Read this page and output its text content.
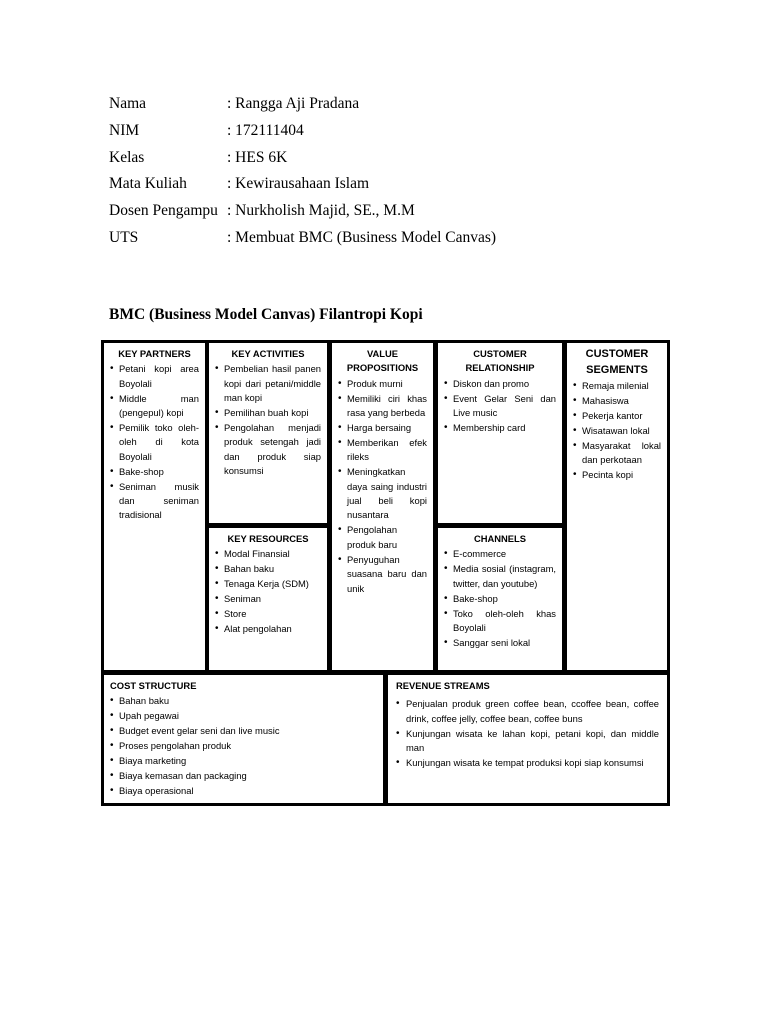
Nama	: Rangga Aji Pradana
NIM	: 172111404
Kelas	: HES 6K
Mata Kuliah	: Kewirausahaan Islam
Dosen Pengampu : Nurkholish Majid, SE., M.M
UTS	: Membuat BMC (Business Model Canvas)
BMC (Business Model Canvas) Filantropi Kopi
KEY PARTNERS
• Petani kopi area Boyolali
• Middle man (pengepul) kopi
• Pemilik toko oleh-oleh di kota Boyolali
• Bake-shop
• Seniman musik dan seniman tradisional
KEY ACTIVITIES
• Pembelian hasil panen kopi dari petani/middle man kopi
• Pemilihan buah kopi
• Pengolahan menjadi produk setengah jadi dan produk siap konsumsi
KEY RESOURCES
• Modal Finansial
• Bahan baku
• Tenaga Kerja (SDM)
• Seniman
• Store
• Alat pengolahan
VALUE
PROPOSITIONS
• Produk murni
• Memiliki ciri khas rasa yang berbeda
• Harga bersaing
• Memberikan efek rileks
• Meningkatkan daya saing industri jual beli kopi nusantara
• Pengolahan produk baru
• Penyuguhan suasana baru dan unik
CUSTOMER
RELATIONSHIP
• Diskon dan promo
• Event Gelar Seni dan Live music
• Membership card
CHANNELS
• E-commerce
• Media sosial (instagram, twitter, dan youtube)
• Bake-shop
• Toko oleh-oleh khas Boyolali
• Sanggar seni lokal
CUSTOMER
SEGMENTS
• Remaja milenial
• Mahasiswa
• Pekerja kantor
• Wisatawan lokal
• Masyarakat lokal dan perkotaan
• Pecinta kopi
COST STRUCTURE
• Bahan baku
• Upah pegawai
• Budget event gelar seni dan live music
• Proses pengolahan produk
• Biaya marketing
• Biaya kemasan dan packaging
• Biaya operasional
REVENUE STREAMS
• Penjualan produk green coffee bean, ccoffee bean, coffee drink, coffee jelly, coffee bean, coffee buns
• Kunjungan wisata ke lahan kopi, petani kopi, dan middle man
• Kunjungan wisata ke tempat produksi kopi siap konsumsi
